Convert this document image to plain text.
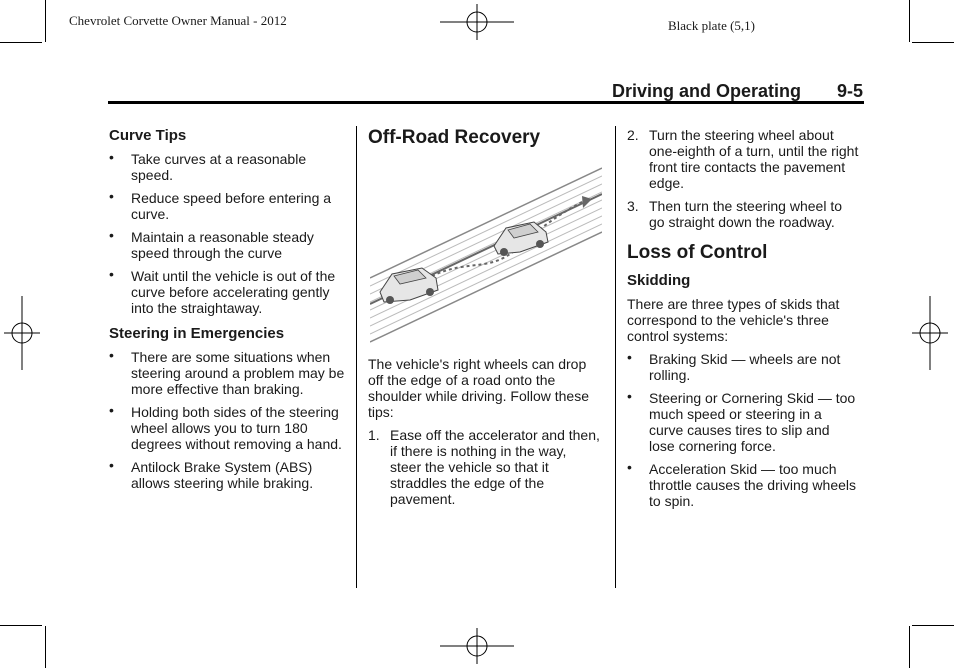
Chevrolet Corvette Owner Manual - 2012	Black plate (5,1)
Driving and Operating 9-5
Curve Tips
• Take curves at a reasonable speed.
• Reduce speed before entering a curve.
• Maintain a reasonable steady speed through the curve
• Wait until the vehicle is out of the curve before accelerating gently into the straightaway.
Steering in Emergencies
• There are some situations when steering around a problem may be more effective than braking.
• Holding both sides of the steering wheel allows you to turn 180 degrees without removing a hand.
• Antilock Brake System (ABS) allows steering while braking.
Off-Road Recovery
The vehicle's right wheels can drop off the edge of a road onto the shoulder while driving. Follow these tips:
1. Ease off the accelerator and then, if there is nothing in the way, steer the vehicle so that it straddles the edge of the pavement.
2. Turn the steering wheel about one-eighth of a turn, until the right front tire contacts the pavement edge.
3. Then turn the steering wheel to go straight down the roadway.
Loss of Control
Skidding
There are three types of skids that correspond to the vehicle's three control systems:
• Braking Skid — wheels are not rolling.
• Steering or Cornering Skid — too much speed or steering in a curve causes tires to slip and lose cornering force.
• Acceleration Skid — too much throttle causes the driving wheels to spin.
